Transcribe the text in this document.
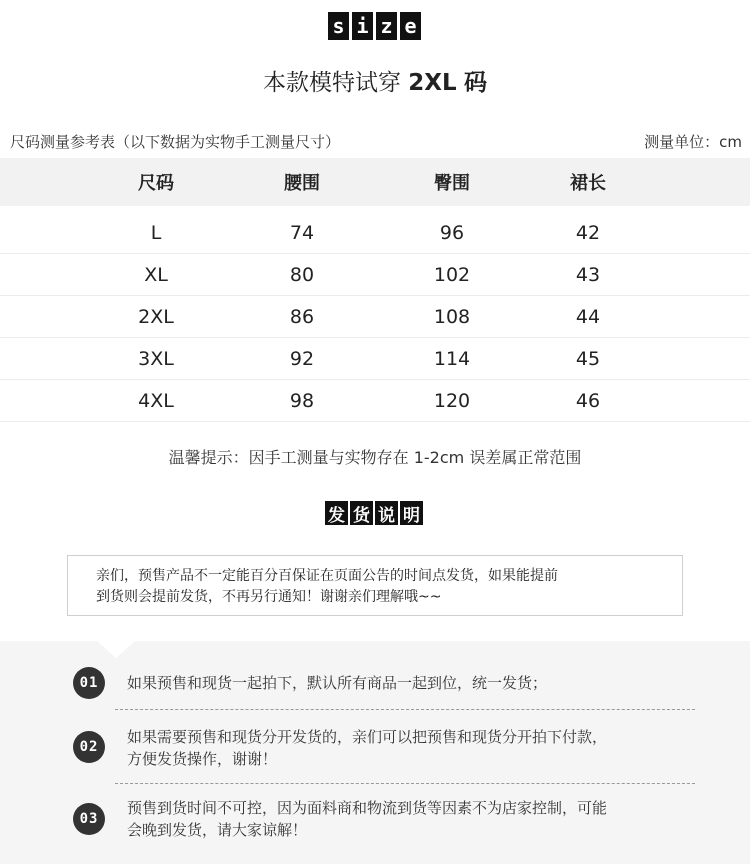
s i z e
本款模特试穿 2XL 码
尺码测量参考表（以下数据为实物手工测量尺寸）	测量单位：cm
尺码	腰围	臀围	裙长
L	74	96	42
XL	80	102	43
2XL	86	108	44
3XL	92	114	45
4XL	98	120	46
温馨提示：因手工测量与实物存在 1-2cm 误差属正常范围
发 货 说 明
亲们，预售产品不一定能百分百保证在页面公告的时间点发货，如果能提前
到货则会提前发货，不再另行通知！谢谢亲们理解哦~~
01	如果预售和现货一起拍下，默认所有商品一起到位，统一发货；
02
如果需要预售和现货分开发货的，亲们可以把预售和现货分开拍下付款，
方便发货操作，谢谢！
03
预售到货时间不可控，因为面料商和物流到货等因素不为店家控制，可能
会晚到发货，请大家谅解！
